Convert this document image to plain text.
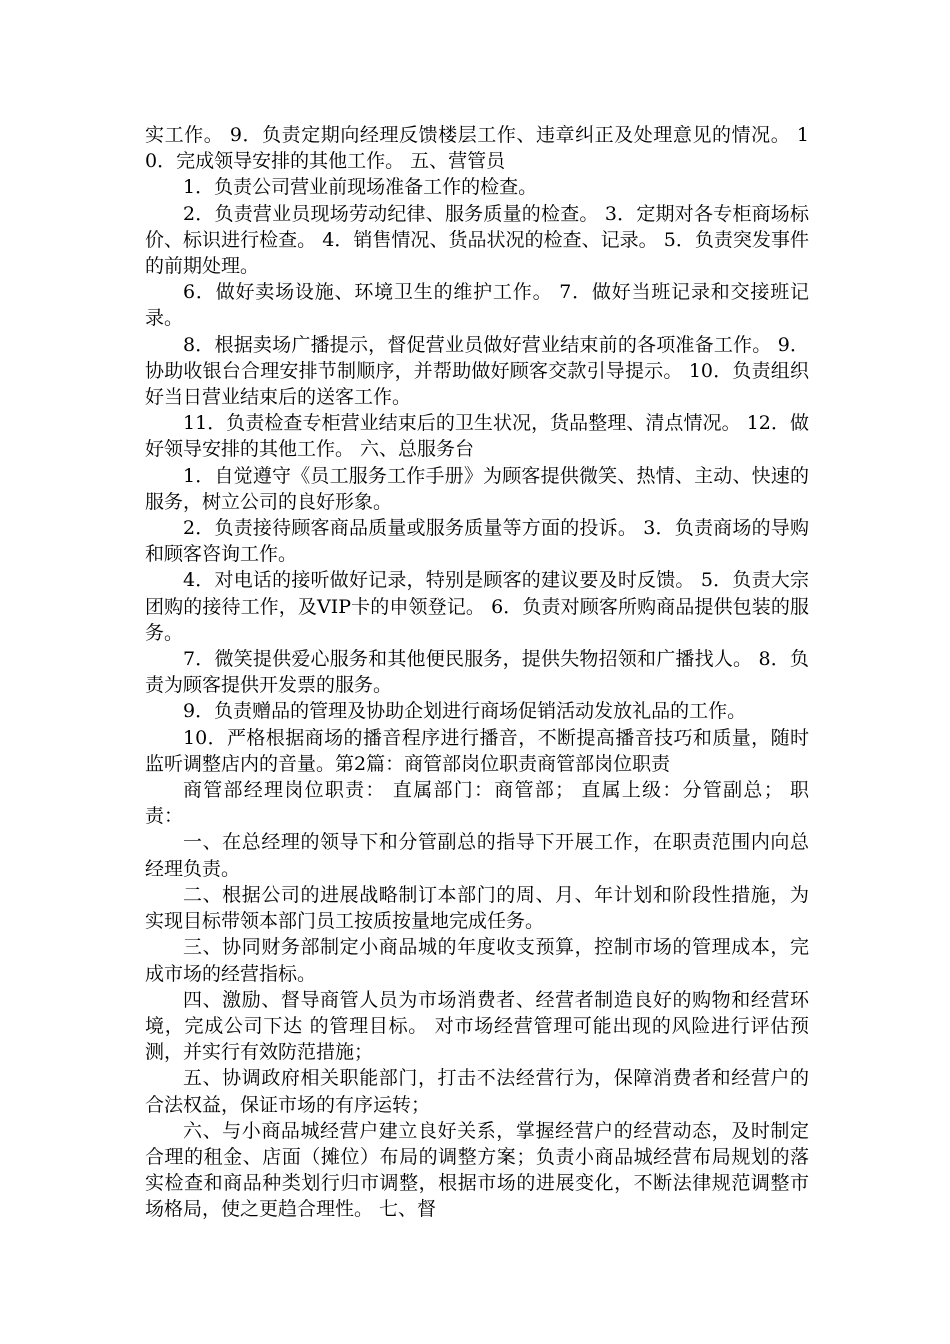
实工作。 9．负责定期向经理反馈楼层工作、违章纠正及处理意见的情况。 10．完成领导安排的其他工作。 五、营管员

1．负责公司营业前现场准备工作的检查。

2．负责营业员现场劳动纪律、服务质量的检查。 3．定期对各专柜商场标价、标识进行检查。 4．销售情况、货品状况的检查、记录。 5．负责突发事件的前期处理。

6．做好卖场设施、环境卫生的维护工作。 7．做好当班记录和交接班记录。

8．根据卖场广播提示，督促营业员做好营业结束前的各项准备工作。 9．协助收银台合理安排节制顺序，并帮助做好顾客交款引导提示。 10．负责组织好当日营业结束后的送客工作。

11．负责检查专柜营业结束后的卫生状况，货品整理、清点情况。 12．做好领导安排的其他工作。 六、总服务台

1．自觉遵守《员工服务工作手册》为顾客提供微笑、热情、主动、快速的服务，树立公司的良好形象。

2．负责接待顾客商品质量或服务质量等方面的投诉。 3．负责商场的导购和顾客咨询工作。

4．对电话的接听做好记录，特别是顾客的建议要及时反馈。 5．负责大宗团购的接待工作，及VIP卡的申领登记。 6．负责对顾客所购商品提供包装的服务。

7．微笑提供爱心服务和其他便民服务，提供失物招领和广播找人。 8．负责为顾客提供开发票的服务。

9．负责赠品的管理及协助企划进行商场促销活动发放礼品的工作。

10．严格根据商场的播音程序进行播音，不断提高播音技巧和质量，随时监听调整店内的音量。第2篇：商管部岗位职责商管部岗位职责

商管部经理岗位职责： 直属部门：商管部； 直属上级：分管副总； 职责：

一、在总经理的领导下和分管副总的指导下开展工作，在职责范围内向总经理负责。

二、根据公司的进展战略制订本部门的周、月、年计划和阶段性措施，为实现目标带领本部门员工按质按量地完成任务。

三、协同财务部制定小商品城的年度收支预算，控制市场的管理成本，完成市场的经营指标。

四、激励、督导商管人员为市场消费者、经营者制造良好的购物和经营环境，完成公司下达 的管理目标。 对市场经营管理可能出现的风险进行评估预测，并实行有效防范措施；

五、协调政府相关职能部门，打击不法经营行为，保障消费者和经营户的合法权益，保证市场的有序运转；

六、与小商品城经营户建立良好关系，掌握经营户的经营动态，及时制定合理的租金、店面（摊位）布局的调整方案；负责小商品城经营布局规划的落实检查和商品种类划行归市调整，根据市场的进展变化，不断法律规范调整市场格局，使之更趋合理性。 七、督
